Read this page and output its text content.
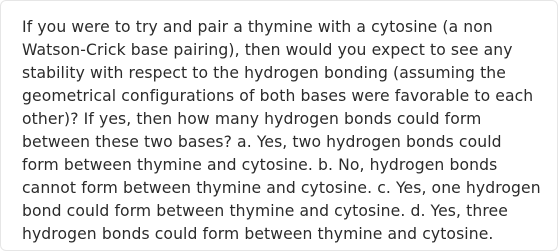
If you were to try and pair a thymine with a cytosine (a non
Watson-Crick base pairing), then would you expect to see any
stability with respect to the hydrogen bonding (assuming the
geometrical configurations of both bases were favorable to each
other)? If yes, then how many hydrogen bonds could form
between these two bases? a. Yes, two hydrogen bonds could
form between thymine and cytosine. b. No, hydrogen bonds
cannot form between thymine and cytosine. c. Yes, one hydrogen
bond could form between thymine and cytosine. d. Yes, three
hydrogen bonds could form between thymine and cytosine.
